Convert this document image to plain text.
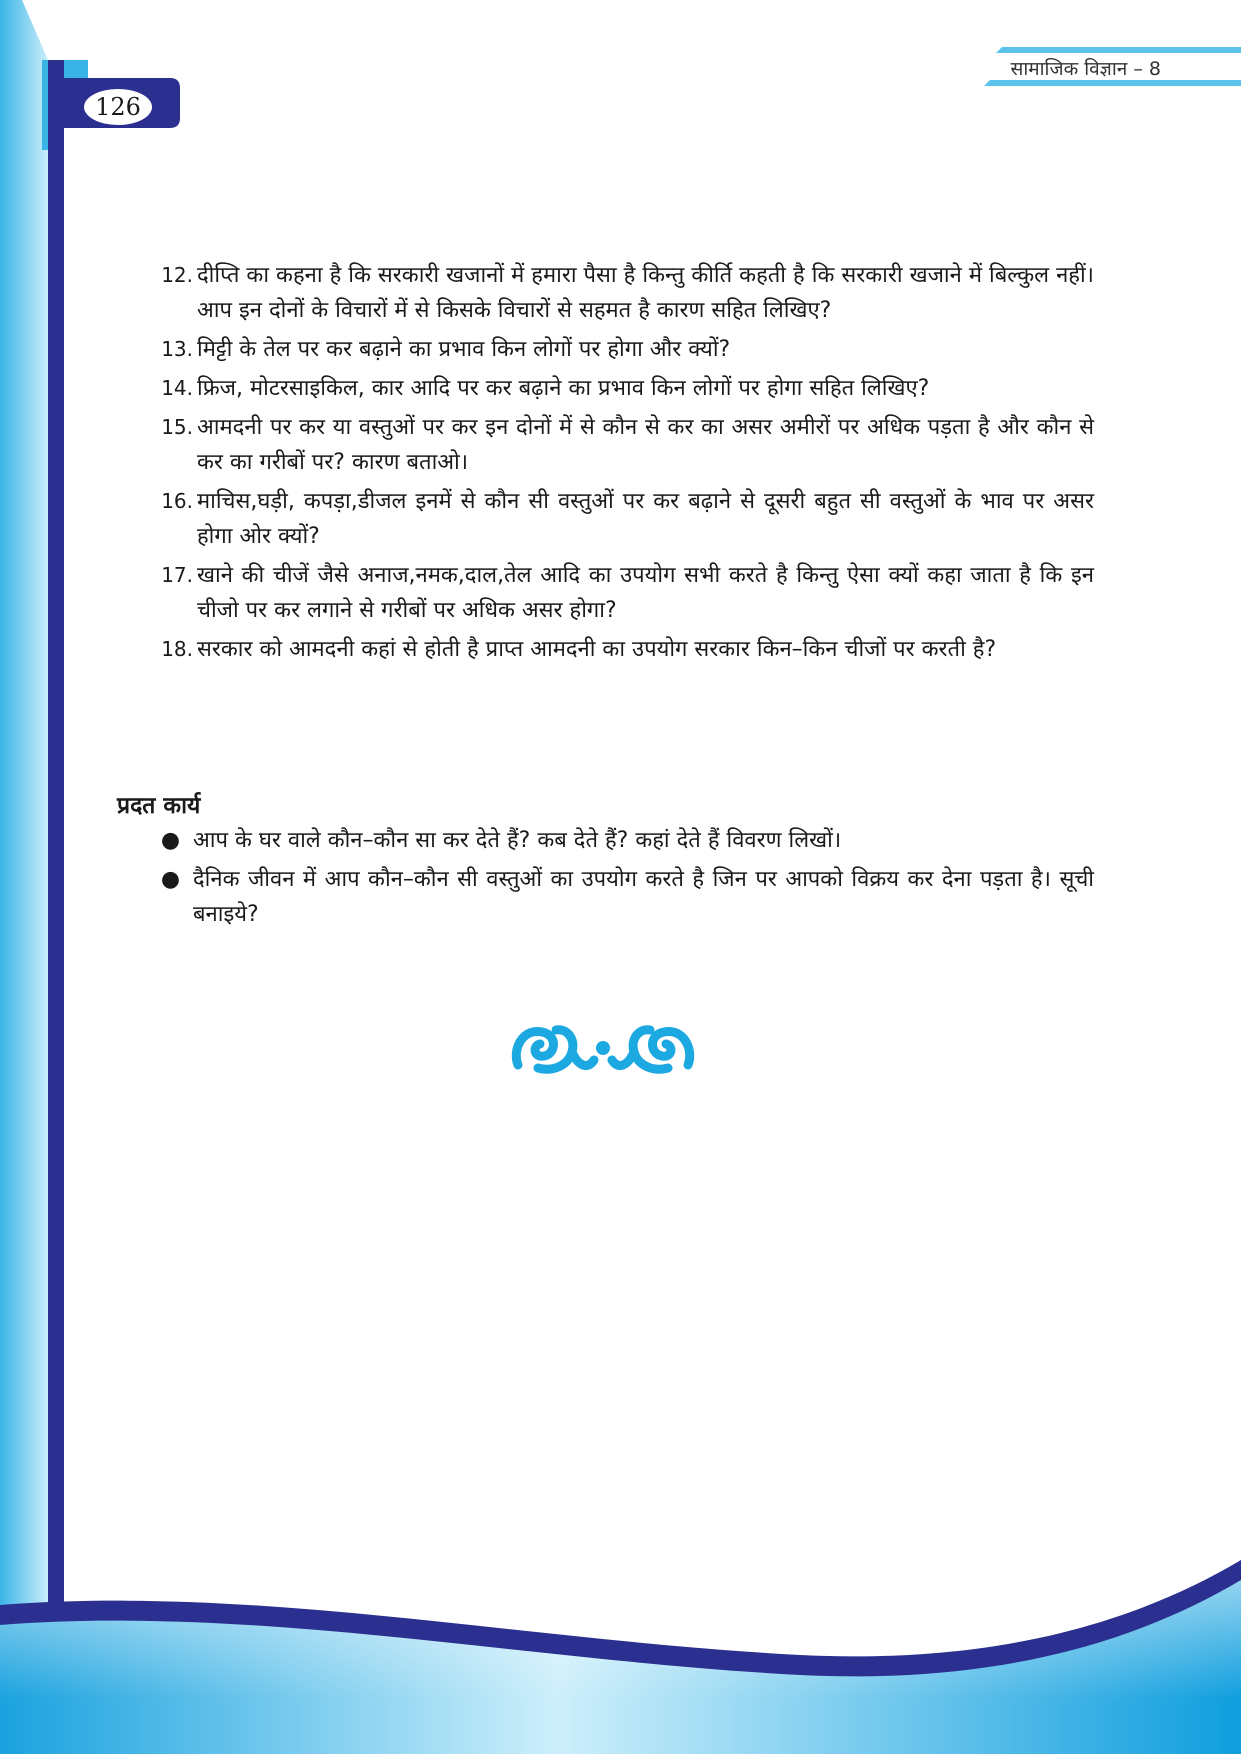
126
सामाजिक विज्ञान – 8
12. दीप्ति का कहना है कि सरकारी खजानों में हमारा पैसा है किन्तु कीर्ति कहती है कि सरकारी खजाने में बिल्कुल नहीं। आप इन दोनों के विचारों में से किसके विचारों से सहमत है कारण सहित लिखिए?
13. मिट्टी के तेल पर कर बढ़ाने का प्रभाव किन लोगों पर होगा और क्यों?
14. फ्रिज, मोटरसाइकिल, कार आदि पर कर बढ़ाने का प्रभाव किन लोगों पर होगा सहित लिखिए?
15. आमदनी पर कर या वस्तुओं पर कर इन दोनों में से कौन से कर का असर अमीरों पर अधिक पड़ता है और कौन से कर का गरीबों पर? कारण बताओ।
16. माचिस,घड़ी, कपड़ा,डीजल इनमें से कौन सी वस्तुओं पर कर बढ़ाने से दूसरी बहुत सी वस्तुओं के भाव पर असर होगा ओर क्यों?
17. खाने की चीजें जैसे अनाज,नमक,दाल,तेल आदि का उपयोग सभी करते है किन्तु ऐसा क्यों कहा जाता है कि इन चीजो पर कर लगाने से गरीबों पर अधिक असर होगा?
18. सरकार को आमदनी कहां से होती है प्राप्त आमदनी का उपयोग सरकार किन–किन चीजों पर करती है?
प्रदत कार्य
● आप के घर वाले कौन–कौन सा कर देते हैं? कब देते हैं? कहां देते हैं विवरण लिखों।
● दैनिक जीवन में आप कौन–कौन सी वस्तुओं का उपयोग करते है जिन पर आपको विक्रय कर देना पड़ता है। सूची बनाइये?
